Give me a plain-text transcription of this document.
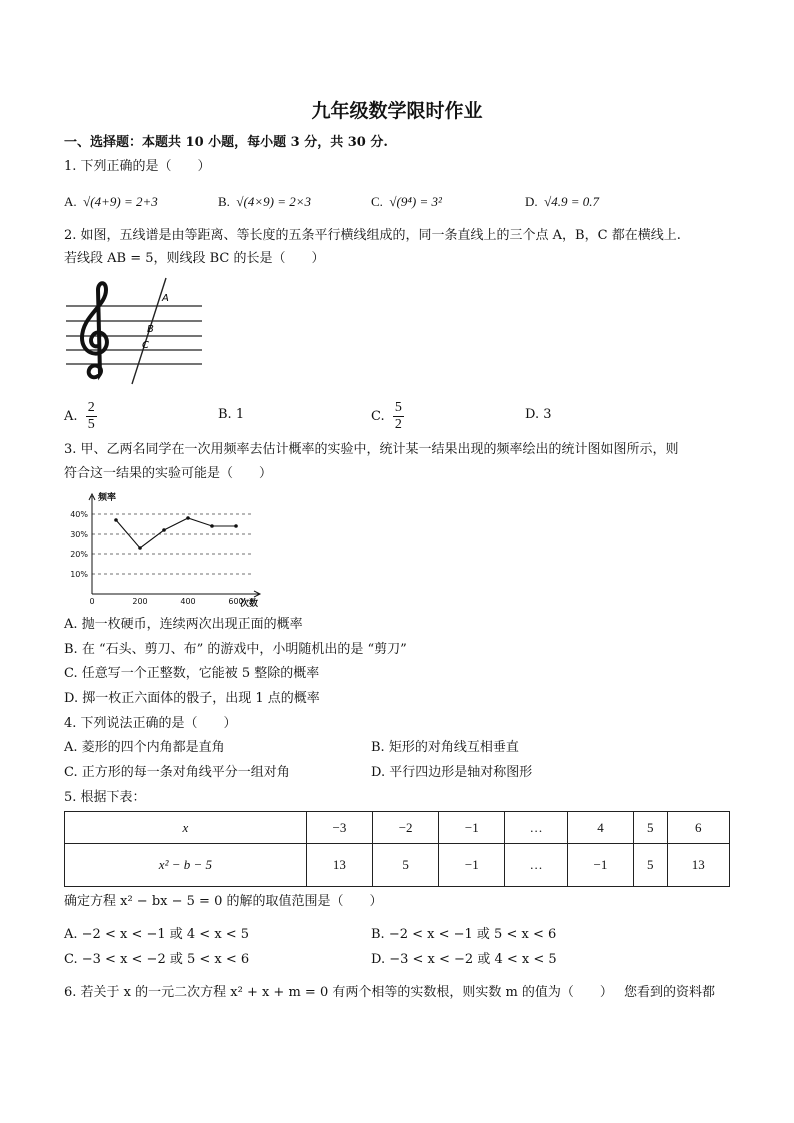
九年级数学限时作业
一、选择题：本题共 10 小题，每小题 3 分，共 30 分.
1. 下列正确的是（　　）
A. √(4+9) = 2+3	B. √(4×9) = 2×3	C. √(9⁴) = 3²	D. √4.9 = 0.7
2. 如图，五线谱是由等距离、等长度的五条平行横线组成的，同一条直线上的三个点 A，B，C 都在横线上.
若线段 AB = 5，则线段 BC 的长是（　　）
A
B
C
A. $\frac{2}{5}$	B. 1	C. $\frac{5}{2}$	D. 3
3. 甲、乙两名同学在一次用频率去估计概率的实验中，统计某一结果出现的频率绘出的统计图如图所示，则
符合这一结果的实验可能是（　　）
10%
20%
30%
40%
频率
次数
0	200	400	600
A. 抛一枚硬币，连续两次出现正面的概率
B. 在 “石头、剪刀、布” 的游戏中，小明随机出的是 “剪刀”
C. 任意写一个正整数，它能被 5 整除的概率
D. 掷一枚正六面体的骰子，出现 1 点的概率
4. 下列说法正确的是（　　）
A. 菱形的四个内角都是直角	B. 矩形的对角线互相垂直
C. 正方形的每一条对角线平分一组对角	D. 平行四边形是轴对称图形
5. 根据下表：
x	−3	−2	−1	…	4	5	6
x² − b − 5	13	5	−1	…	−1	5	13
确定方程 x² − bx − 5 = 0 的解的取值范围是（　　）
A. −2 < x < −1 或 4 < x < 5	B. −2 < x < −1 或 5 < x < 6
C. −3 < x < −2 或 5 < x < 6	D. −3 < x < −2 或 4 < x < 5
6. 若关于 x 的一元二次方程 x² + x + m = 0 有两个相等的实数根，则实数 m 的值为（　　） 您看到的资料都
